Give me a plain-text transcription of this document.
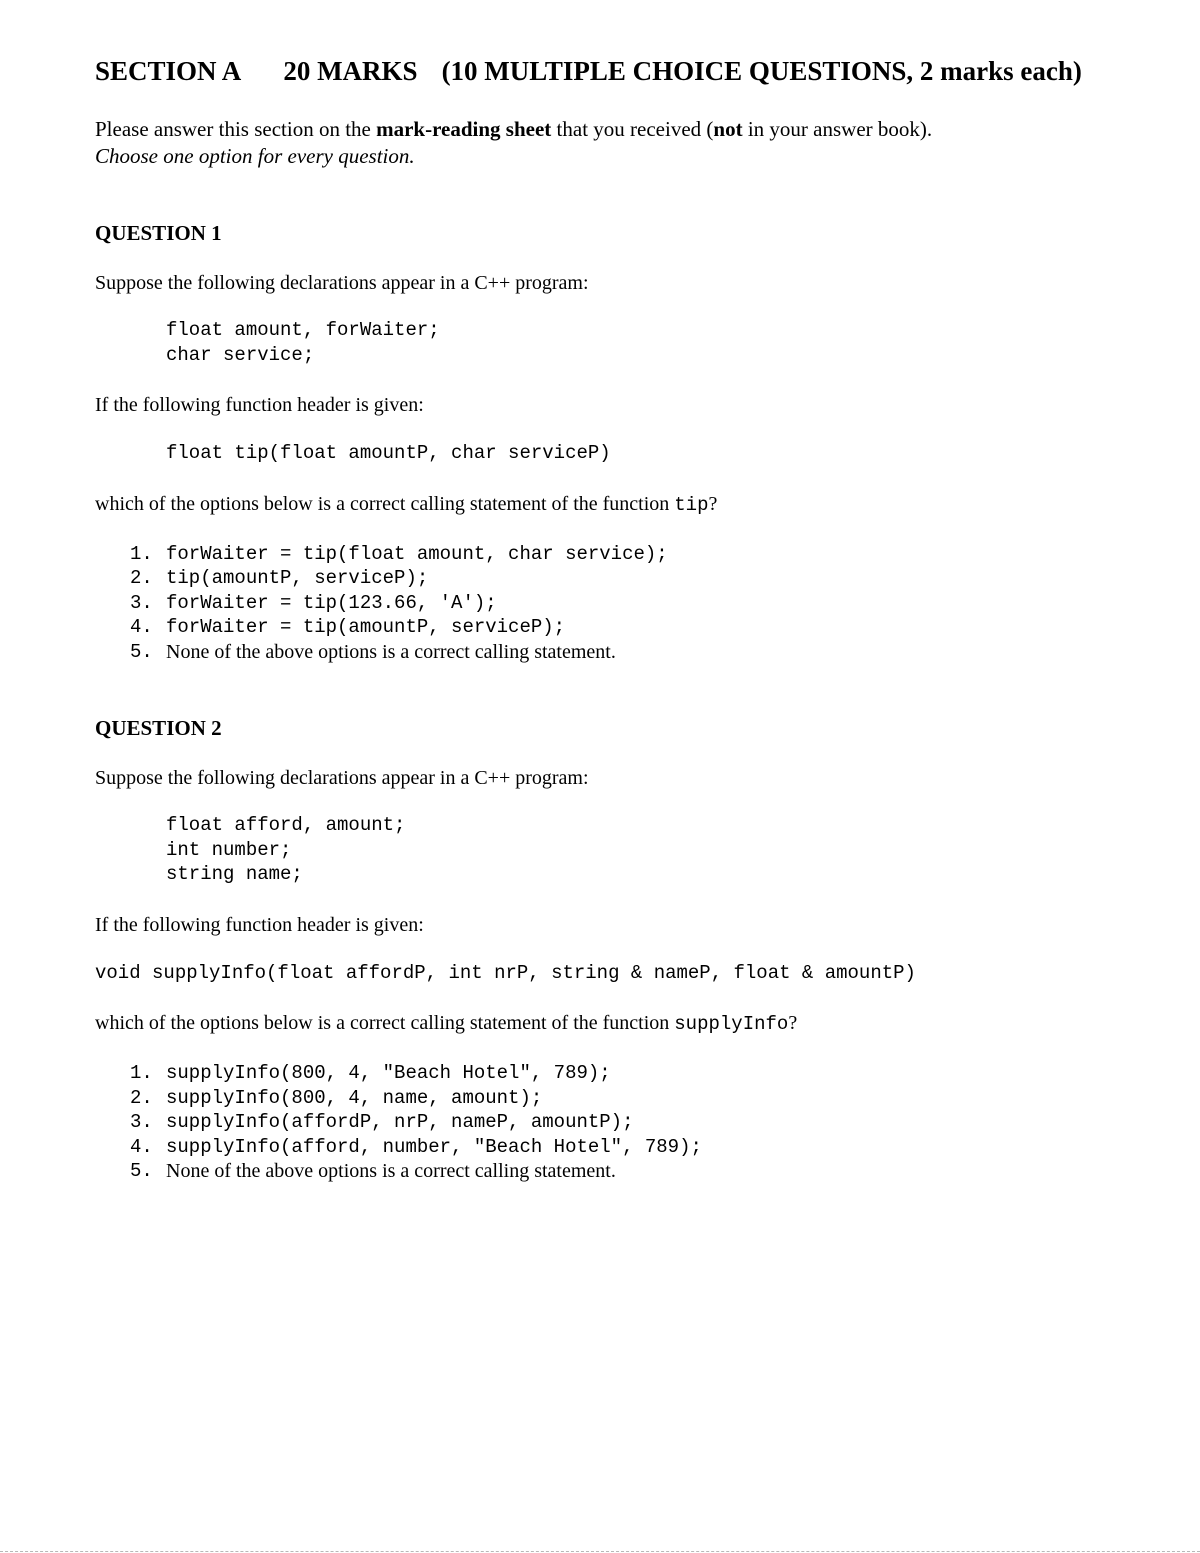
SECTION A 20 MARKS (10 MULTIPLE CHOICE QUESTIONS, 2 marks each)
Please answer this section on the mark-reading sheet that you received (not in your answer book).
Choose one option for every question.
QUESTION 1
Suppose the following declarations appear in a C++ program:
float amount, forWaiter;
char service;
If the following function header is given:
float tip(float amountP, char serviceP)
which of the options below is a correct calling statement of the function tip?
1. forWaiter = tip(float amount, char service);
2. tip(amountP, serviceP);
3. forWaiter = tip(123.66, 'A');
4. forWaiter = tip(amountP, serviceP);
5. None of the above options is a correct calling statement.
QUESTION 2
Suppose the following declarations appear in a C++ program:
float afford, amount;
int number;
string name;
If the following function header is given:
void supplyInfo(float affordP, int nrP, string & nameP, float & amountP)
which of the options below is a correct calling statement of the function supplyInfo?
1. supplyInfo(800, 4, "Beach Hotel", 789);
2. supplyInfo(800, 4, name, amount);
3. supplyInfo(affordP, nrP, nameP, amountP);
4. supplyInfo(afford, number, "Beach Hotel", 789);
5. None of the above options is a correct calling statement.
